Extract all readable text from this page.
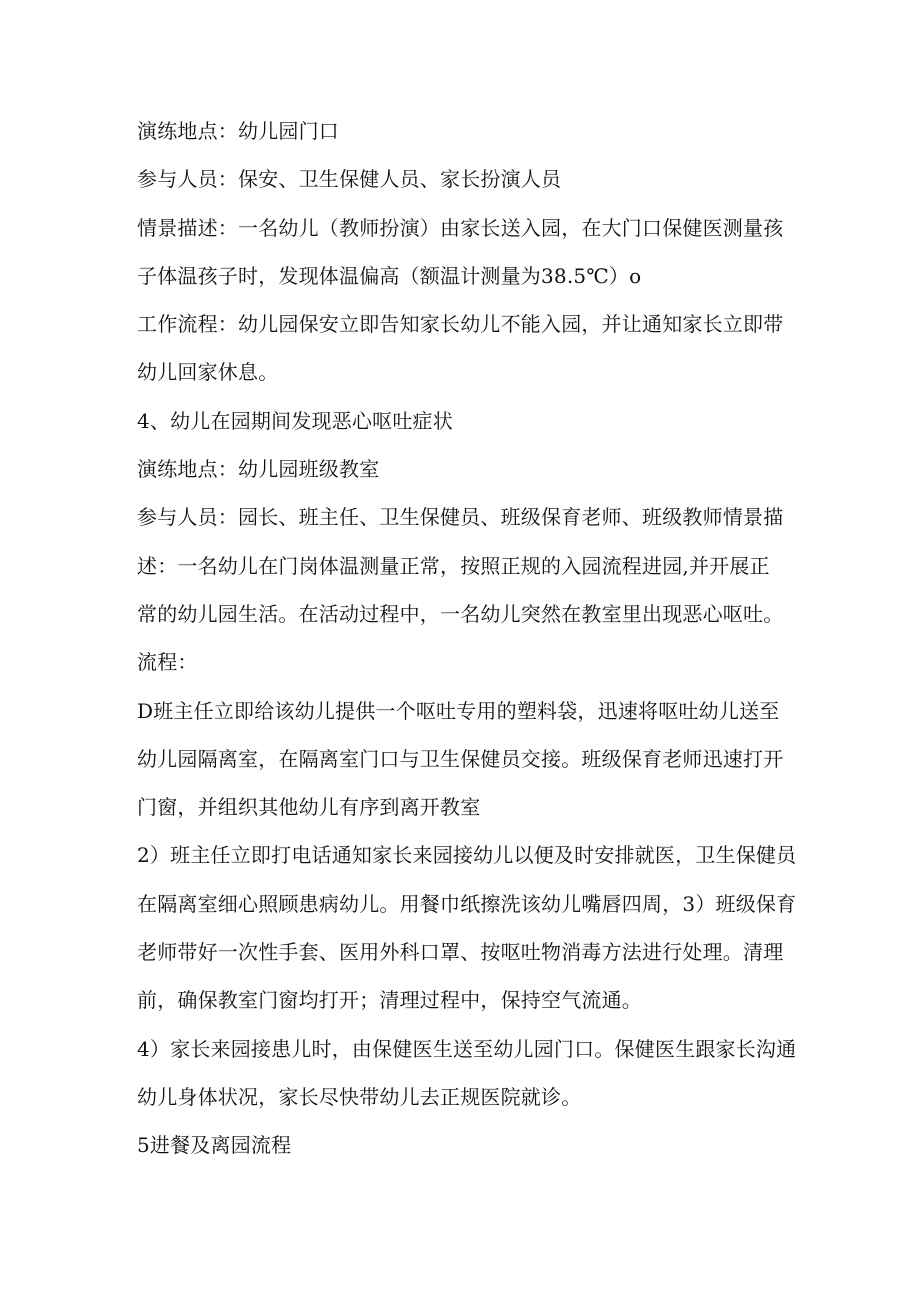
演练地点：幼儿园门口
参与人员：保安、卫生保健人员、家长扮演人员
情景描述：一名幼儿（教师扮演）由家长送入园，在大门口保健医测量孩
子体温孩子时，发现体温偏高（额温计测量为38.5℃）o
工作流程：幼儿园保安立即告知家长幼儿不能入园，并让通知家长立即带
幼儿回家休息。
4、幼儿在园期间发现恶心呕吐症状
演练地点：幼儿园班级教室
参与人员：园长、班主任、卫生保健员、班级保育老师、班级教师情景描
述：一名幼儿在门岗体温测量正常，按照正规的入园流程进园,并开展正
常的幼儿园生活。在活动过程中，一名幼儿突然在教室里出现恶心呕吐。
流程：
D班主任立即给该幼儿提供一个呕吐专用的塑料袋，迅速将呕吐幼儿送至
幼儿园隔离室，在隔离室门口与卫生保健员交接。班级保育老师迅速打开
门窗，并组织其他幼儿有序到离开教室
2）班主任立即打电话通知家长来园接幼儿以便及时安排就医，卫生保健员
在隔离室细心照顾患病幼儿。用餐巾纸擦洗该幼儿嘴唇四周，3）班级保育
老师带好一次性手套、医用外科口罩、按呕吐物消毒方法进行处理。清理
前，确保教室门窗均打开；清理过程中，保持空气流通。
4）家长来园接患儿时，由保健医生送至幼儿园门口。保健医生跟家长沟通
幼儿身体状况，家长尽快带幼儿去正规医院就诊。
5进餐及离园流程
